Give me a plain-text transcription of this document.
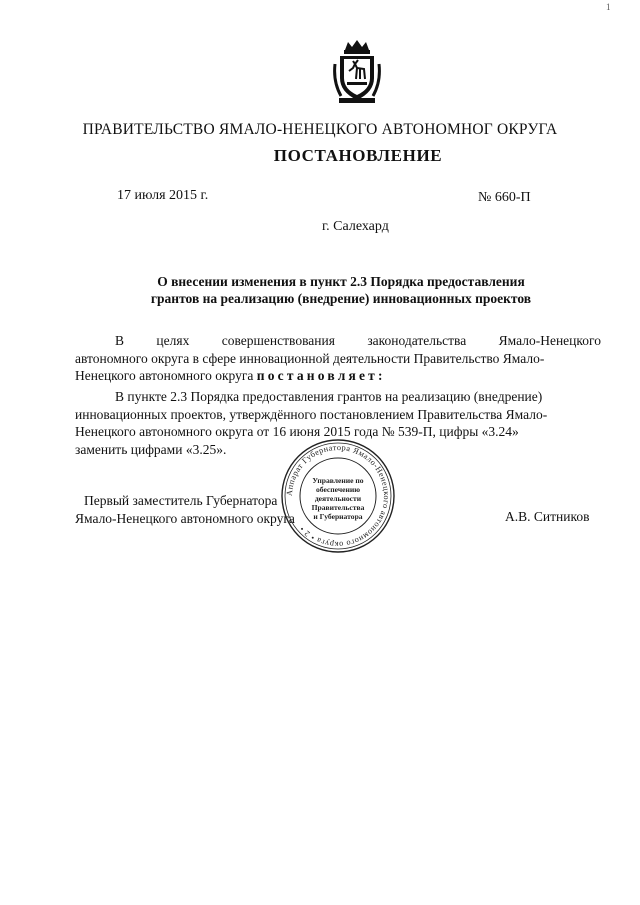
1
ПРАВИТЕЛЬСТВО ЯМАЛО-НЕНЕЦКОГО АВТОНОМНОГ ОКРУГА
ПОСТАНОВЛЕНИЕ
17 июля 2015 г.	№ 660-П
г. Салехард
О внесении изменения в пункт 2.3 Порядка предоставления
грантов на реализацию (внедрение) инновационных проектов
В целях совершенствования законодательства Ямало-Ненецкого
автономного округа в сфере инновационной деятельности Правительство Ямало-
Ненецкого автономного округа постановляет:
В пункте 2.3 Порядка предоставления грантов на реализацию (внедрение)
инновационных проектов, утверждённого постановлением Правительства Ямало-
Ненецкого автономного округа от 16 июня 2015 года № 539-П, цифры «3.24»
заменить цифрами «3.25».
Первый заместитель Губернатора
Ямало-Ненецкого автономного округа	А.В. Ситников
Аппарат Губернатора Ямало-Ненецкого автономного округа • 2 •
Управление по
обеспечению
деятельности
Правительства
и Губернатора
